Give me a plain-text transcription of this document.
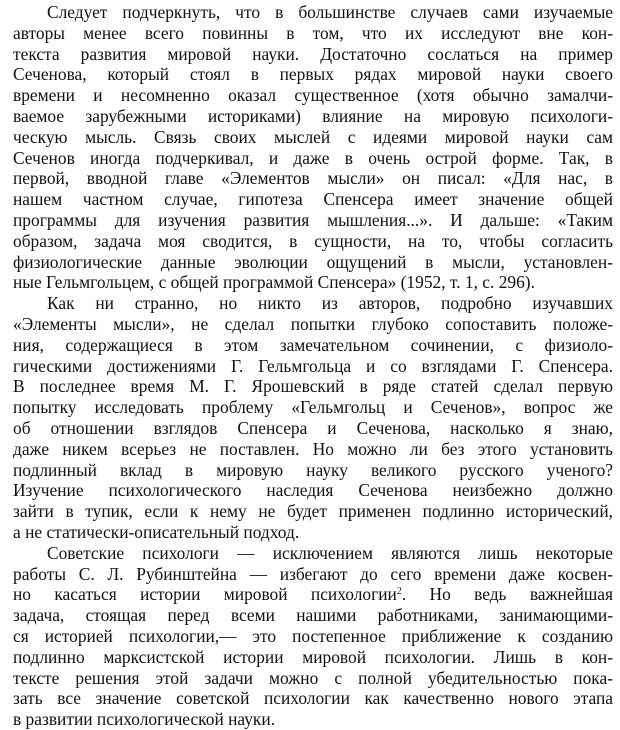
Следует подчеркнуть, что в большинстве случаев сами изучаемые
авторы менее всего повинны в том, что их исследуют вне кон-
текста развития мировой науки. Достаточно сослаться на пример
Сеченова, который стоял в первых рядах мировой науки своего
времени и несомненно оказал существенное (хотя обычно замалчи-
ваемое зарубежными историками) влияние на мировую психологи-
ческую мысль. Связь своих мыслей с идеями мировой науки сам
Сеченов иногда подчеркивал, и даже в очень острой форме. Так, в
первой, вводной главе «Элементов мысли» он писал: «Для нас, в
нашем частном случае, гипотеза Спенсера имеет значение общей
программы для изучения развития мышления...». И дальше: «Таким
образом, задача моя сводится, в сущности, на то, чтобы согласить
физиологические данные эволюции ощущений в мысли, установлен-
ные Гельмгольцем, с общей программой Спенсера» (1952, т. 1, с. 296).
Как ни странно, но никто из авторов, подробно изучавших
«Элементы мысли», не сделал попытки глубоко сопоставить положе-
ния, содержащиеся в этом замечательном сочинении, с физиоло-
гическими достижениями Г. Гельмгольца и со взглядами Г. Спенсера.
В последнее время М. Г. Ярошевский в ряде статей сделал первую
попытку исследовать проблему «Гельмгольц и Сеченов», вопрос же
об отношении взглядов Спенсера и Сеченова, насколько я знаю,
даже никем всерьез не поставлен. Но можно ли без этого установить
подлинный вклад в мировую науку великого русского ученого?
Изучение психологического наследия Сеченова неизбежно должно
зайти в тупик, если к нему не будет применен подлинно исторический,
а не статически-описательный подход.
Советские психологи — исключением являются лишь некоторые
работы С. Л. Рубинштейна — избегают до сего времени даже косвен-
но касаться истории мировой психологии$^2$. Но ведь важнейшая
задача, стоящая перед всеми нашими работниками, занимающими-
ся историей психологии,— это постепенное приближение к созданию
подлинно марксистской истории мировой психологии. Лишь в кон-
тексте решения этой задачи можно с полной убедительностью пока-
зать все значение советской психологии как качественно нового этапа
в развитии психологической науки.
